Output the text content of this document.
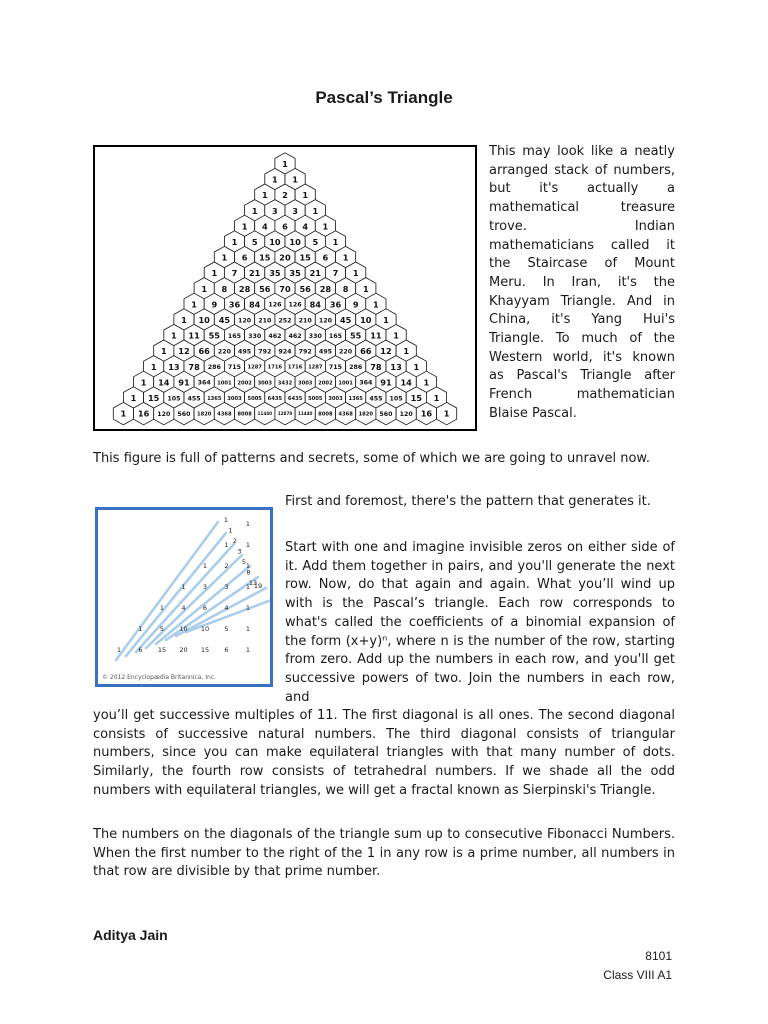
Pascal’s Triangle
1
1 1
1 2 1
1 3 3 1
1 4 6 4 1
1 5 10 10 5 1
1 6 15 20 15 6 1
1 7 21 35 35 21 7 1
1 8 28 56 70 56 28 8 1
1 9 36 84 126 126 84 36 9 1
1 10 45 120 210 252 210 120 45 10 1
1 11 55 165 330 462 462 330 165 55 11 1
1 12 66 220 495 792 924 792 495 220 66 12 1
1 13 78 286 715 1287 1716 1716 1287 715 286 78 13 1
1 14 91 364 1001 2002 3003 3432 3003 2002 1001 364 91 14 1
1 15 105 455 1365 3003 5005 6435 6435 5005 3003 1365 455 105 15 1
1 16 120 560 1820 4368 8008 11440 12870 11440 8008 4368 1820 560 120 16 1

This may look like a neatly arranged stack of numbers, but it's actually a mathematical treasure trove. Indian mathematicians called it the Staircase of Mount Meru. In Iran, it's the Khayyam Triangle. And in China, it's Yang Hui's Triangle. To much of the Western world, it's known as Pascal's Triangle after French mathematician Blaise Pascal.

This figure is full of patterns and secrets, some of which we are going to unravel now.

1
1	1
1	2	1
1	3	3	1
1	4	6	4	1
1	5 10 10 5	1
1	6 15 20 15 6	1
1
1
2
3
5
8
13
19
© 2012 Encyclopædia Britannica, Inc.

First and foremost, there's the pattern that generates it.

Start with one and imagine invisible zeros on either side of it. Add them together in pairs, and you'll generate the next row. Now, do that again and again. What you’ll wind up with is the Pascal’s triangle. Each row corresponds to what's called the coefficients of a binomial expansion of the form (x+y)ⁿ, where n is the number of the row, starting from zero. Add up the numbers in each row, and you'll get successive powers of two. Join the numbers in each row, and

you’ll get successive multiples of 11. The first diagonal is all ones. The second diagonal consists of successive natural numbers. The third diagonal consists of triangular numbers, since you can make equilateral triangles with that many number of dots. Similarly, the fourth row consists of tetrahedral numbers. If we shade all the odd numbers with equilateral triangles, we will get a fractal known as Sierpinski's Triangle.

The numbers on the diagonals of the triangle sum up to consecutive Fibonacci Numbers. When the first number to the right of the 1 in any row is a prime number, all numbers in that row are divisible by that prime number.

Aditya Jain
8101
Class VIII A1
